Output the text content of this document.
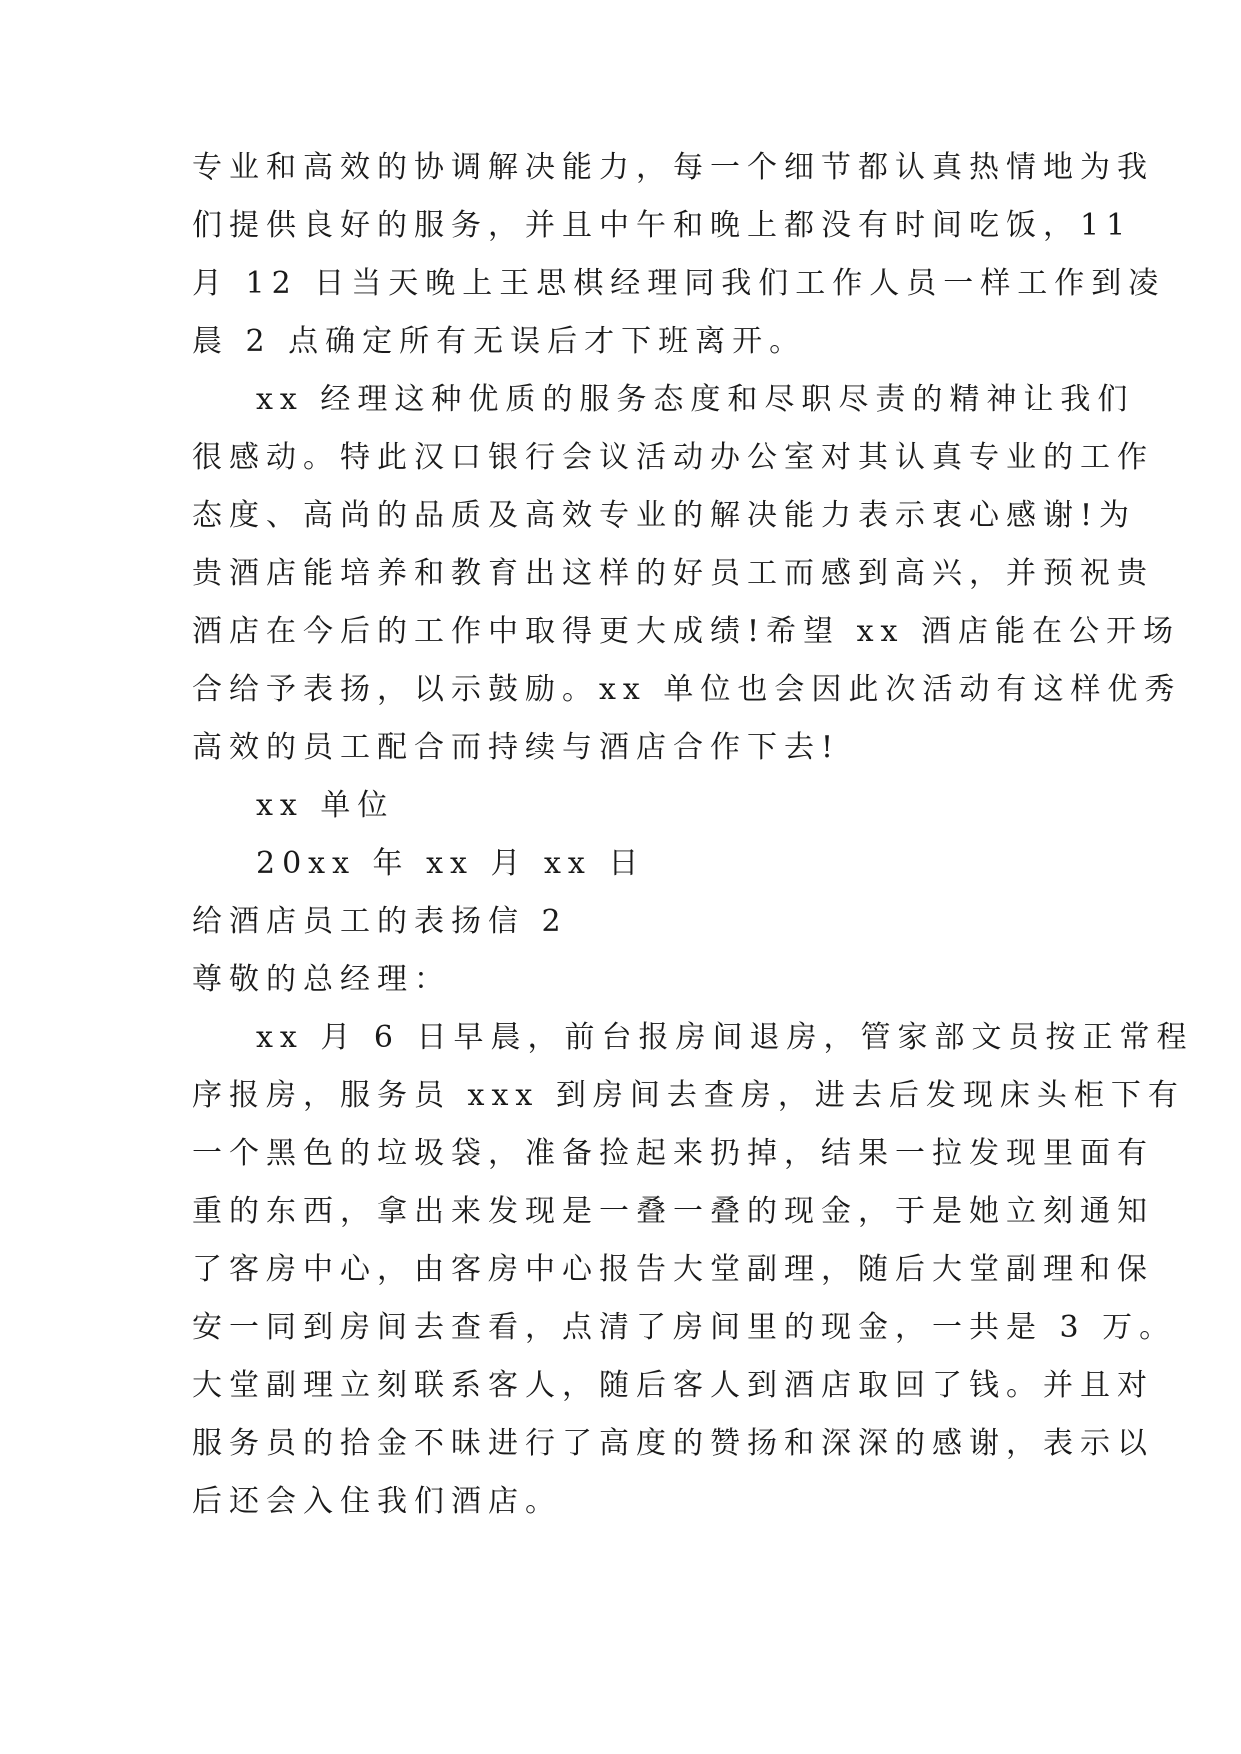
专业和高效的协调解决能力，每一个细节都认真热情地为我
们提供良好的服务，并且中午和晚上都没有时间吃饭，11
月 12 日当天晚上王思棋经理同我们工作人员一样工作到凌
晨 2 点确定所有无误后才下班离开。
xx 经理这种优质的服务态度和尽职尽责的精神让我们
很感动。特此汉口银行会议活动办公室对其认真专业的工作
态度、高尚的品质及高效专业的解决能力表示衷心感谢!为
贵酒店能培养和教育出这样的好员工而感到高兴，并预祝贵
酒店在今后的工作中取得更大成绩!希望 xx 酒店能在公开场
合给予表扬，以示鼓励。xx 单位也会因此次活动有这样优秀
高效的员工配合而持续与酒店合作下去!
xx 单位
20xx 年 xx 月 xx 日
给酒店员工的表扬信 2
尊敬的总经理：
xx 月 6 日早晨，前台报房间退房，管家部文员按正常程
序报房，服务员 xxx 到房间去查房，进去后发现床头柜下有
一个黑色的垃圾袋，准备捡起来扔掉，结果一拉发现里面有
重的东西，拿出来发现是一叠一叠的现金，于是她立刻通知
了客房中心，由客房中心报告大堂副理，随后大堂副理和保
安一同到房间去查看，点清了房间里的现金，一共是 3 万。
大堂副理立刻联系客人，随后客人到酒店取回了钱。并且对
服务员的拾金不昧进行了高度的赞扬和深深的感谢，表示以
后还会入住我们酒店。
